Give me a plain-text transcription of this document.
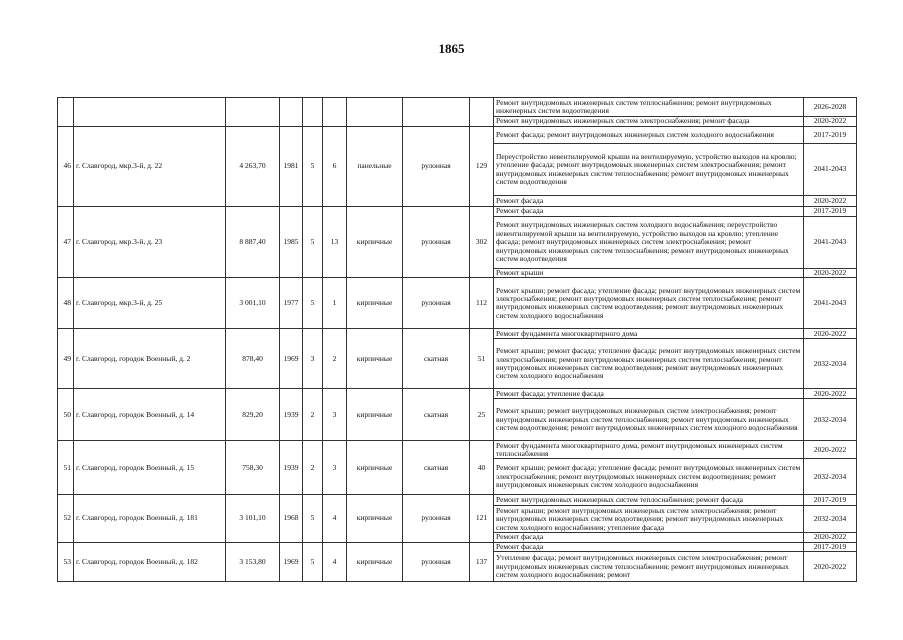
1865
									Ремонт внутридомовых инженерных систем теплоснабжения; ремонт внутридомовых инженерных систем водоотведения	2026-2028
									Ремонт внутридомовых инженерных систем электроснабжения; ремонт фасада	2020-2022
46	г. Славгород, мкр.3-й, д. 22	4 263,70	1981	5	6	панельные	рулонная	129	Ремонт фасада; ремонт внутридомовых инженерных систем холодного водоснабжения	2017-2019
									Переустройство невентилируемой крыши на вентилируемую, устройство выходов на кровлю; утепление фасада; ремонт внутридомовых инженерных систем электроснабжения; ремонт внутридомовых инженерных систем теплоснабжения; ремонт внутридомовых инженерных систем водоотведения	2041-2043
									Ремонт фасада	2020-2022
47	г. Славгород, мкр.3-й, д. 23	8 887,40	1985	5	13	кирпичные	рулонная	302	Ремонт фасада	2017-2019
									Ремонт внутридомовых инженерных систем холодного водоснабжения; переустройство невентилируемой крыши на вентилируемую, устройство выходов на кровлю; утепление фасада; ремонт внутридомовых инженерных систем электроснабжения; ремонт внутридомовых инженерных систем теплоснабжения; ремонт внутридомовых инженерных систем водоотведения	2041-2043
									Ремонт крыши	2020-2022
48	г. Славгород, мкр.3-й, д. 25	3 001,10	1977	5	1	кирпичные	рулонная	112	Ремонт крыши; ремонт фасада; утепление фасада; ремонт внутридомовых инженерных систем электроснабжения; ремонт внутридомовых инженерных систем теплоснабжения; ремонт внутридомовых инженерных систем водоотведения; ремонт внутридомовых инженерных систем холодного водоснабжения	2041-2043
49	г. Славгород, городок Военный, д. 2	878,40	1969	3	2	кирпичные	скатная	51	Ремонт фундамента многоквартирного дома	2020-2022
									Ремонт крыши; ремонт фасада; утепление фасада; ремонт внутридомовых инженерных систем электроснабжения; ремонт внутридомовых инженерных систем теплоснабжения; ремонт внутридомовых инженерных систем водоотведения; ремонт внутридомовых инженерных систем холодного водоснабжения	2032-2034
50	г. Славгород, городок Военный, д. 14	829,20	1939	2	3	кирпичные	скатная	25	Ремонт фасада; утепление фасада	2020-2022
									Ремонт крыши; ремонт внутридомовых инженерных систем электроснабжения; ремонт внутридомовых инженерных систем теплоснабжения; ремонт внутридомовых инженерных систем водоотведения; ремонт внутридомовых инженерных систем холодного водоснабжения	2032-2034
51	г. Славгород, городок Военный, д. 15	758,30	1939	2	3	кирпичные	скатная	40	Ремонт фундамента многоквартирного дома, ремонт внутридомовых инженерных систем теплоснабжения	2020-2022
									Ремонт крыши; ремонт фасада; утепление фасада; ремонт внутридомовых инженерных систем электроснабжения; ремонт внутридомовых инженерных систем водоотведения; ремонт внутридомовых инженерных систем холодного водоснабжения	2032-2034
52	г. Славгород, городок Военный, д. 181	3 101,10	1968	5	4	кирпичные	рулонная	121	Ремонт внутридомовых инженерных систем теплоснабжения; ремонт фасада	2017-2019
									Ремонт крыши; ремонт внутридомовых инженерных систем электроснабжения; ремонт внутридомовых инженерных систем водоотведения; ремонт внутридомовых инженерных систем холодного водоснабжения; утепление фасада	2032-2034
									Ремонт фасада	2020-2022
53	г. Славгород, городок Военный, д. 182	3 153,80	1969	5	4	кирпичные	рулонная	137	Ремонт фасада	2017-2019
									Утепление фасада; ремонт внутридомовых инженерных систем электроснабжения; ремонт внутридомовых инженерных систем теплоснабжения; ремонт внутридомовых инженерных систем холодного водоснабжения; ремонт	2020-2022
